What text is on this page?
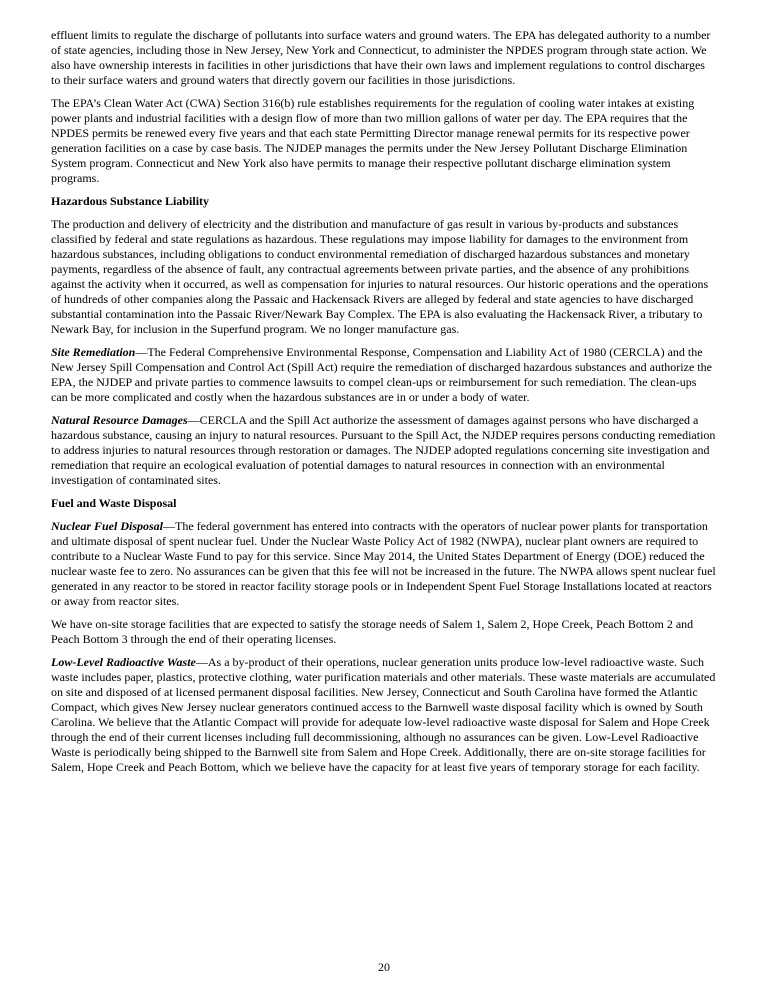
effluent limits to regulate the discharge of pollutants into surface waters and ground waters. The EPA has delegated authority to a number of state agencies, including those in New Jersey, New York and Connecticut, to administer the NPDES program through state action. We also have ownership interests in facilities in other jurisdictions that have their own laws and implement regulations to control discharges to their surface waters and ground waters that directly govern our facilities in those jurisdictions.

The EPA’s Clean Water Act (CWA) Section 316(b) rule establishes requirements for the regulation of cooling water intakes at existing power plants and industrial facilities with a design flow of more than two million gallons of water per day. The EPA requires that the NPDES permits be renewed every five years and that each state Permitting Director manage renewal permits for its respective power generation facilities on a case by case basis. The NJDEP manages the permits under the New Jersey Pollutant Discharge Elimination System program. Connecticut and New York also have permits to manage their respective pollutant discharge elimination system programs.

Hazardous Substance Liability

The production and delivery of electricity and the distribution and manufacture of gas result in various by-products and substances classified by federal and state regulations as hazardous. These regulations may impose liability for damages to the environment from hazardous substances, including obligations to conduct environmental remediation of discharged hazardous substances and monetary payments, regardless of the absence of fault, any contractual agreements between private parties, and the absence of any prohibitions against the activity when it occurred, as well as compensation for injuries to natural resources. Our historic operations and the operations of hundreds of other companies along the Passaic and Hackensack Rivers are alleged by federal and state agencies to have discharged substantial contamination into the Passaic River/Newark Bay Complex. The EPA is also evaluating the Hackensack River, a tributary to Newark Bay, for inclusion in the Superfund program. We no longer manufacture gas.

Site Remediation—The Federal Comprehensive Environmental Response, Compensation and Liability Act of 1980 (CERCLA) and the New Jersey Spill Compensation and Control Act (Spill Act) require the remediation of discharged hazardous substances and authorize the EPA, the NJDEP and private parties to commence lawsuits to compel clean-ups or reimbursement for such remediation. The clean-ups can be more complicated and costly when the hazardous substances are in or under a body of water.

Natural Resource Damages—CERCLA and the Spill Act authorize the assessment of damages against persons who have discharged a hazardous substance, causing an injury to natural resources. Pursuant to the Spill Act, the NJDEP requires persons conducting remediation to address injuries to natural resources through restoration or damages. The NJDEP adopted regulations concerning site investigation and remediation that require an ecological evaluation of potential damages to natural resources in connection with an environmental investigation of contaminated sites.

Fuel and Waste Disposal

Nuclear Fuel Disposal—The federal government has entered into contracts with the operators of nuclear power plants for transportation and ultimate disposal of spent nuclear fuel. Under the Nuclear Waste Policy Act of 1982 (NWPA), nuclear plant owners are required to contribute to a Nuclear Waste Fund to pay for this service. Since May 2014, the United States Department of Energy (DOE) reduced the nuclear waste fee to zero. No assurances can be given that this fee will not be increased in the future. The NWPA allows spent nuclear fuel generated in any reactor to be stored in reactor facility storage pools or in Independent Spent Fuel Storage Installations located at reactors or away from reactor sites.

We have on-site storage facilities that are expected to satisfy the storage needs of Salem 1, Salem 2, Hope Creek, Peach Bottom 2 and Peach Bottom 3 through the end of their operating licenses.

Low-Level Radioactive Waste—As a by-product of their operations, nuclear generation units produce low-level radioactive waste. Such waste includes paper, plastics, protective clothing, water purification materials and other materials. These waste materials are accumulated on site and disposed of at licensed permanent disposal facilities. New Jersey, Connecticut and South Carolina have formed the Atlantic Compact, which gives New Jersey nuclear generators continued access to the Barnwell waste disposal facility which is owned by South Carolina. We believe that the Atlantic Compact will provide for adequate low-level radioactive waste disposal for Salem and Hope Creek through the end of their current licenses including full decommissioning, although no assurances can be given. Low-Level Radioactive Waste is periodically being shipped to the Barnwell site from Salem and Hope Creek. Additionally, there are on-site storage facilities for Salem, Hope Creek and Peach Bottom, which we believe have the capacity for at least five years of temporary storage for each facility.

20
